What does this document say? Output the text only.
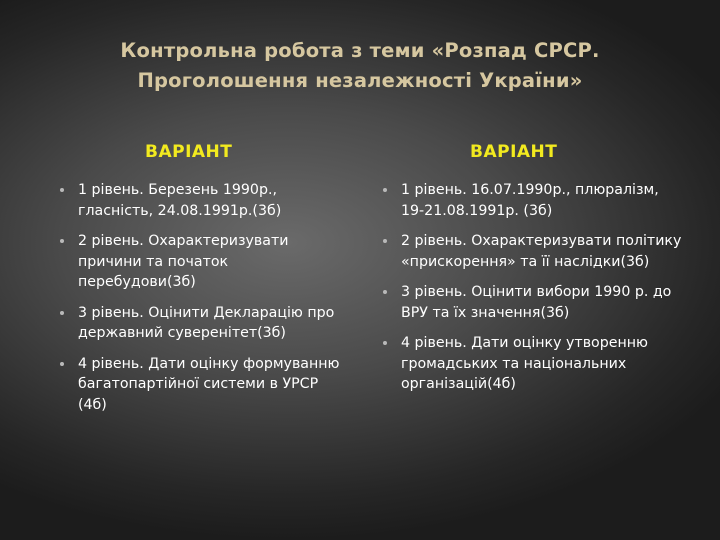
Контрольна робота з теми «Розпад СРСР.
Проголошення незалежності України»
ВАРІАНТ	ВАРІАНТ
1 рівень. Березень 1990р., гласність, 24.08.1991р.(3б)
2 рівень. Охарактеризувати причини та початок перебудови(3б)
3 рівень. Оцінити Декларацію про державний суверенітет(3б)
4 рівень. Дати оцінку формуванню багатопартійної системи в УРСР (4б)
1 рівень. 16.07.1990р., плюралізм, 19-21.08.1991р. (3б)
2 рівень. Охарактеризувати політику «прискорення» та її наслідки(3б)
3 рівень. Оцінити вибори 1990 р. до ВРУ та їх значення(3б)
4 рівень. Дати оцінку утворенню громадських та національних організацій(4б)
